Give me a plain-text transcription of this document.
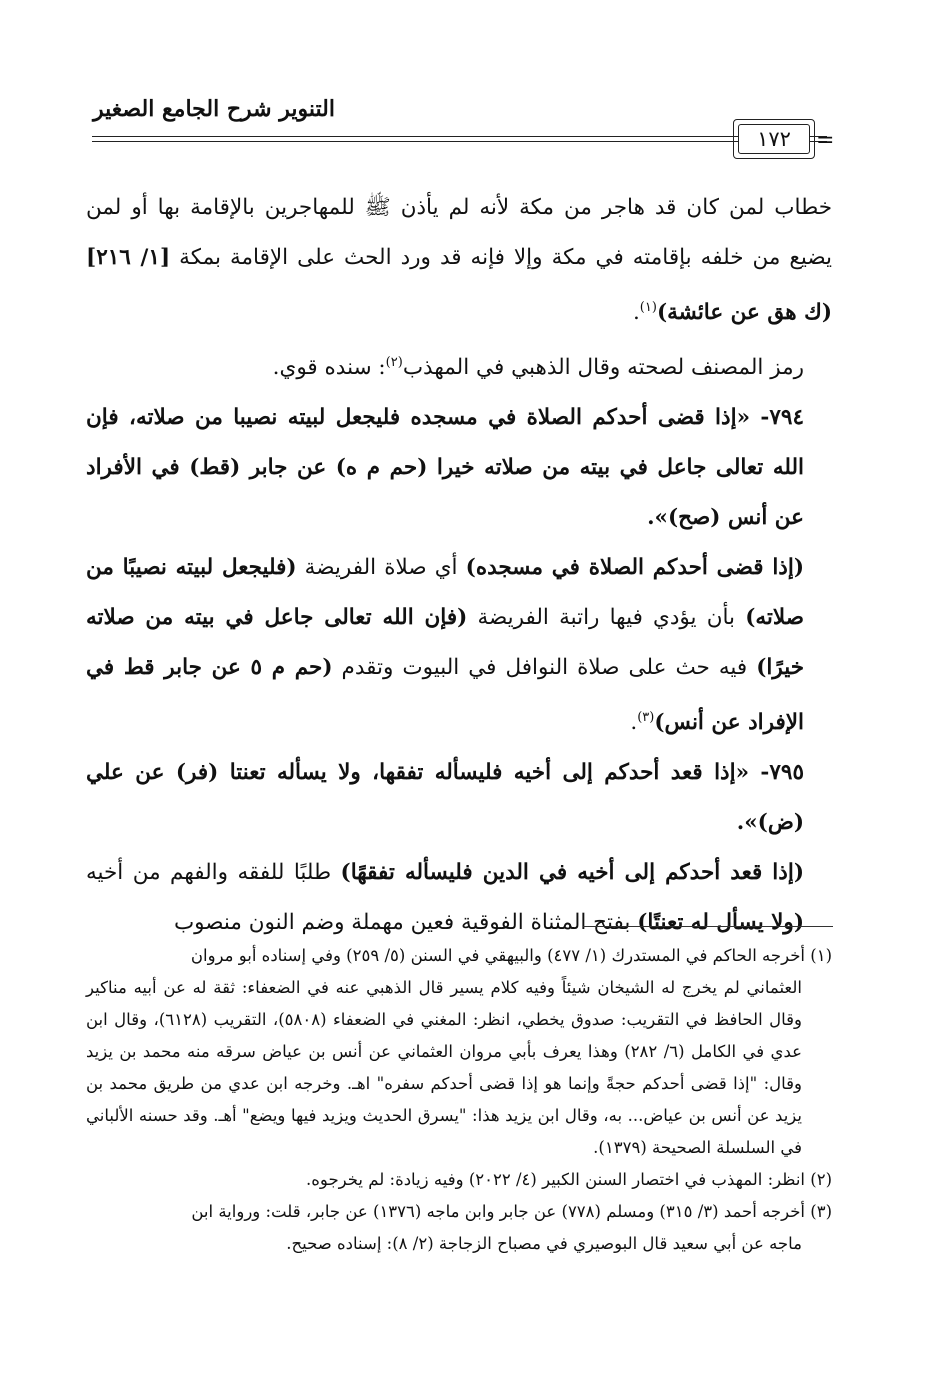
التنوير شرح الجامع الصغير
١٧٢	=

خطاب لمن كان قد هاجر من مكة لأنه لم يأذن ﷺ للمهاجرين بالإقامة بها أو لمن يضيع من خلفه بإقامته في مكة وإلا فإنه قد ورد الحث على الإقامة بمكة [١/ ٢١٦] (ك هق عن عائشة)$^{(١)}$.

رمز المصنف لصحته وقال الذهبي في المهذب$^{(٢)}$: سنده قوي.

٧٩٤- «إذا قضى أحدكم الصلاة في مسجده فليجعل لبيته نصيبا من صلاته، فإن الله تعالى جاعل في بيته من صلاته خيرا (حم م ه) عن جابر (قط) في الأفراد عن أنس (صح)».

(إذا قضى أحدكم الصلاة في مسجده) أي صلاة الفريضة (فليجعل لبيته نصيبًا من صلاته) بأن يؤدي فيها راتبة الفريضة (فإن الله تعالى جاعل في بيته من صلاته خيرًا) فيه حث على صلاة النوافل في البيوت وتقدم (حم م ٥ عن جابر قط في الإفراد عن أنس)$^{(٣)}$.

٧٩٥- «إذا قعد أحدكم إلى أخيه فليسأله تفقها، ولا يسأله تعنتا (فر) عن علي (ض)».

(إذا قعد أحدكم إلى أخيه في الدين فليسأله تفقهًا) طلبًا للفقه والفهم من أخيه (ولا يسأل له تعنتًا) بفتح المثناة الفوقية فعين مهملة وضم النون منصوب

(١) أخرجه الحاكم في المستدرك (١/ ٤٧٧) والبيهقي في السنن (٥/ ٢٥٩) وفي إسناده أبو مروان

العثماني لم يخرج له الشيخان شيئاً وفيه كلام يسير قال الذهبي عنه في الضعفاء: ثقة له عن أبيه مناكير وقال الحافظ في التقريب: صدوق يخطي، انظر: المغني في الضعفاء (٥٨٠٨)، التقريب (٦١٢٨)، وقال ابن عدي في الكامل (٦/ ٢٨٢) وهذا يعرف بأبي مروان العثماني عن أنس بن عياض سرقه منه محمد بن يزيد وقال: "إذا قضى أحدكم حجةً وإنما هو إذا قضى أحدكم سفره" اهـ. وخرجه ابن عدي من طريق محمد بن يزيد عن أنس بن عياض... به، وقال ابن يزيد هذا: "يسرق الحديث ويزيد فيها ويضع" أهـ. وقد حسنه الألباني في السلسلة الصحيحة (١٣٧٩).

(٢) انظر: المهذب في اختصار السنن الكبير (٤/ ٢٠٢٢) وفيه زيادة: لم يخرجوه.

(٣) أخرجه أحمد (٣/ ٣١٥) ومسلم (٧٧٨) عن جابر وابن ماجه (١٣٧٦) عن جابر، قلت: ورواية ابن

ماجه عن أبي سعيد قال البوصيري في مصباح الزجاجة (٢/ ٨): إسناده صحيح.
